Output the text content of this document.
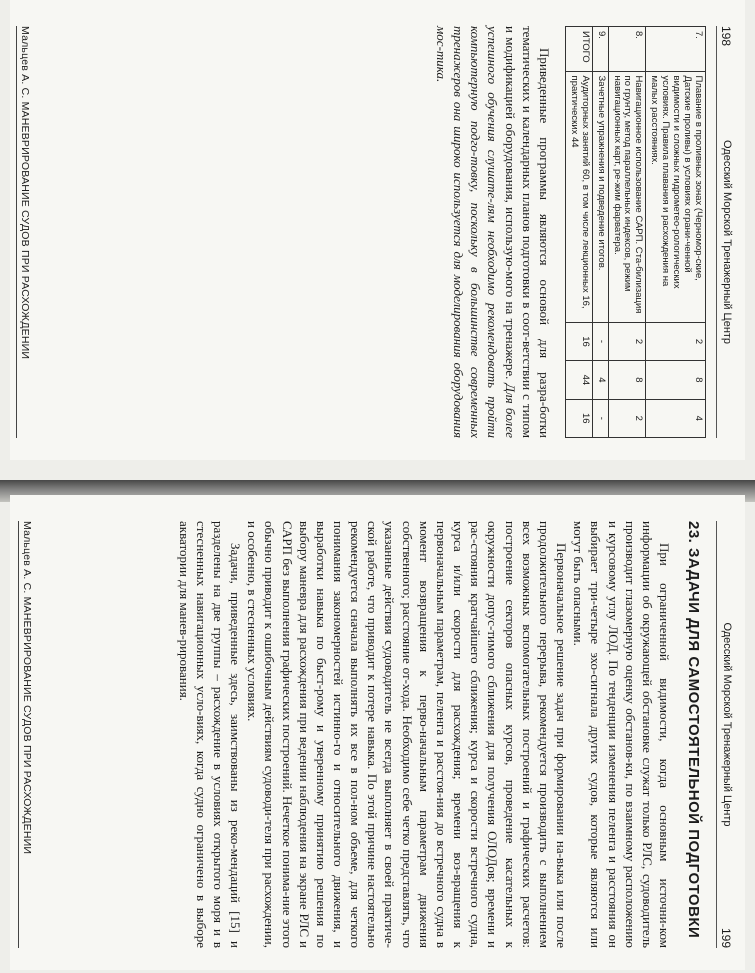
198
Одесский Морской Тренажерный Центр
7.	Плавание в проливных зонах (Черномор-ские, Датские проливы) в условиях ограни-ченной видимости и сложных гидрометео-рологических условиях. Правила плавания и расхождения на малых расстояниях.	2	8	4
8.	Навигационное использование САРП. Ста-билизация по грунту, метод параллельных индексов, режим навигационных карт, ре-жим фарватера.	2	8	2
9.	Зачетные упражнения и подведение итогов.	-	4	-
ИТОГО	Аудиторных занятий 60, в том числе лекционных 16, практических 44	16	44	16

Приведенные программы являются основой для разра-ботки тематических и календарных планов подготовки в соот-ветствии с типом и модификацией оборудования, использую-мого на тренажере. Для более успешного обучения слушате-лям необходимо рекомендовать пройти компьютерную подго-товку, поскольку в большинстве современных тренажеров она широко используется для моделирования оборудования мос-тика.

Мальцев А. С. МАНЕВРИРОВАНИЕ СУДОВ ПРИ РАСХОЖДЕНИИ
Одесский Морской Тренажерный Центр
199
23. ЗАДАЧИ ДЛЯ САМОСТОЯТЕЛЬНОЙ ПОДГОТОВКИ

При ограниченной видимости, когда основным источни-ком информации об окружающей обстановке служат только РЛС, судоводитель производит глазомерную оценку обстанов-ки, по взаимному расположению и курсовому углу ЛОД. По тенденции изменения пеленга и расстояния он выбирает три-четыре эхо-сигнала других судов, которые являются или могут быть опасными.

Первоначальное решение задач при формировании на-выка или после продолжительного перерыва, рекомендуется производить с выполнением всех возможных вспомогательных построений и графических расчетов: построение секторов опасных курсов, проведение касательных к окружности допус-тимого сближения для получения ОЛОДов; времени и рас-стояния кратчайшего сближения; курса и скорости встречного судна, курса и/или скорости для расхождения; времени воз-вращения к первоначальным параметрам, пеленга и расстоя-ния до встречного судна в момент возвращения к перво-начальным параметрам движения собственного; расстояние от-хода. Необходимо себе четко представлять, что указанные действия судоводитель не всегда выполняет в своей практиче-ской работе, что приводит к потере навыка. По этой причине настоятельно рекомендуется сначала выполнять их все в пол-ном объеме, для четкого понимания закономерностей истинно-го и относительного движения, и выработки навыка по быст-рому и уверенному принятию решения по выбору маневра для расхождения при ведении наблюдения на экране РЛС и САРП без выполнения графических построений. Нечеткое понима-ние этого обычно приводит к ошибочным действиям судоводи-теля при расхождении, и особенно, в стесненных условиях.

Задачи, приведенные здесь, заимствованы из реко-мендаций [15] и разделены на две группы – расхождение в условиях открытого моря и в стесненных навигационных усло-виях, когда судно ограничено в выборе акватории для манев-рирования.

Мальцев А. С. МАНЕВРИРОВАНИЕ СУДОВ ПРИ РАСХОЖДЕНИИ
